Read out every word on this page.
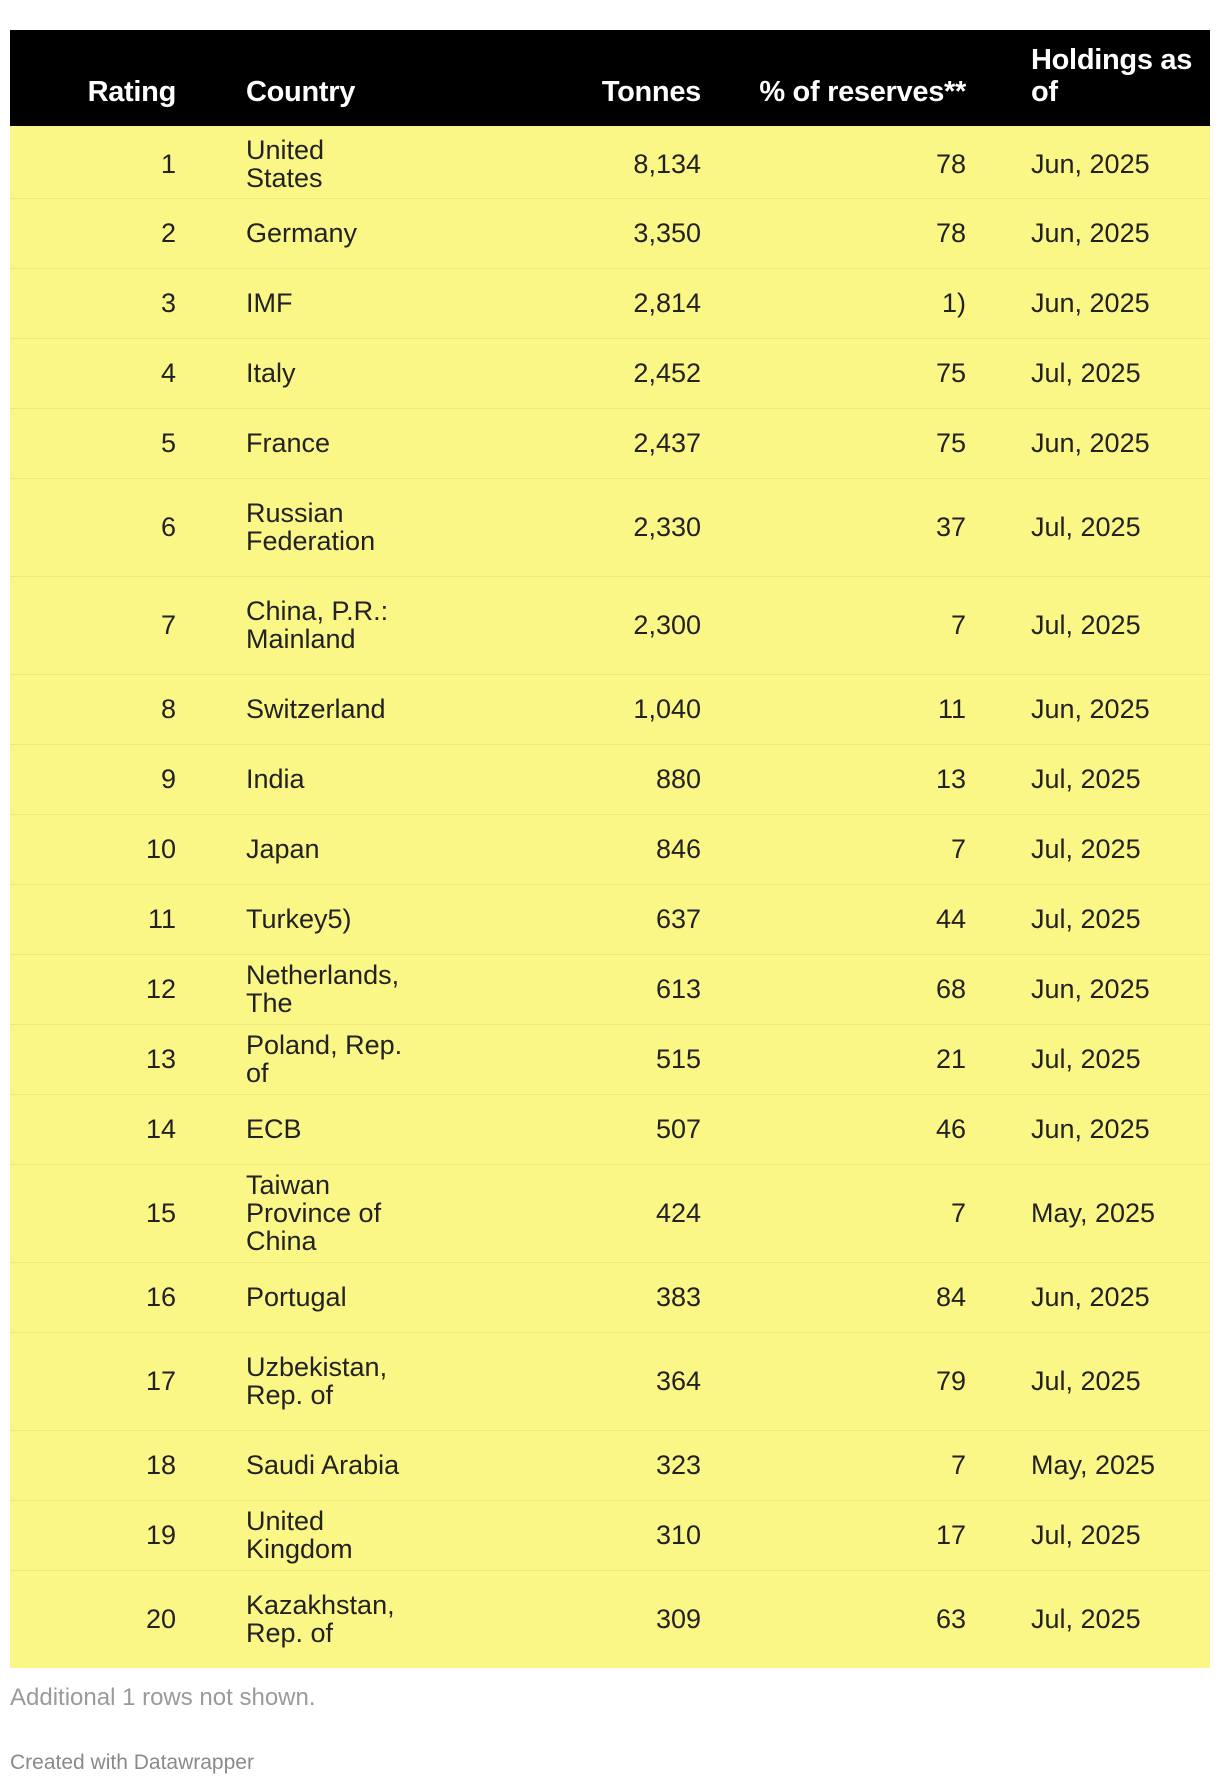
Rating	Country	Tonnes	% of reserves**	Holdings as of
1	United States	8,134	78	Jun, 2025
2	Germany	3,350	78	Jun, 2025
3	IMF	2,814	1)	Jun, 2025
4	Italy	2,452	75	Jul, 2025
5	France	2,437	75	Jun, 2025
6	Russian Federation	2,330	37	Jul, 2025
7	China, P.R.: Mainland	2,300	7	Jul, 2025
8	Switzerland	1,040	11	Jun, 2025
9	India	880	13	Jul, 2025
10	Japan	846	7	Jul, 2025
11	Turkey5)	637	44	Jul, 2025
12	Netherlands, The	613	68	Jun, 2025
13	Poland, Rep. of	515	21	Jul, 2025
14	ECB	507	46	Jun, 2025
15	Taiwan Province of China	424	7	May, 2025
16	Portugal	383	84	Jun, 2025
17	Uzbekistan, Rep. of	364	79	Jul, 2025
18	Saudi Arabia	323	7	May, 2025
19	United Kingdom	310	17	Jul, 2025
20	Kazakhstan, Rep. of	309	63	Jul, 2025
Additional 1 rows not shown.
Created with Datawrapper
